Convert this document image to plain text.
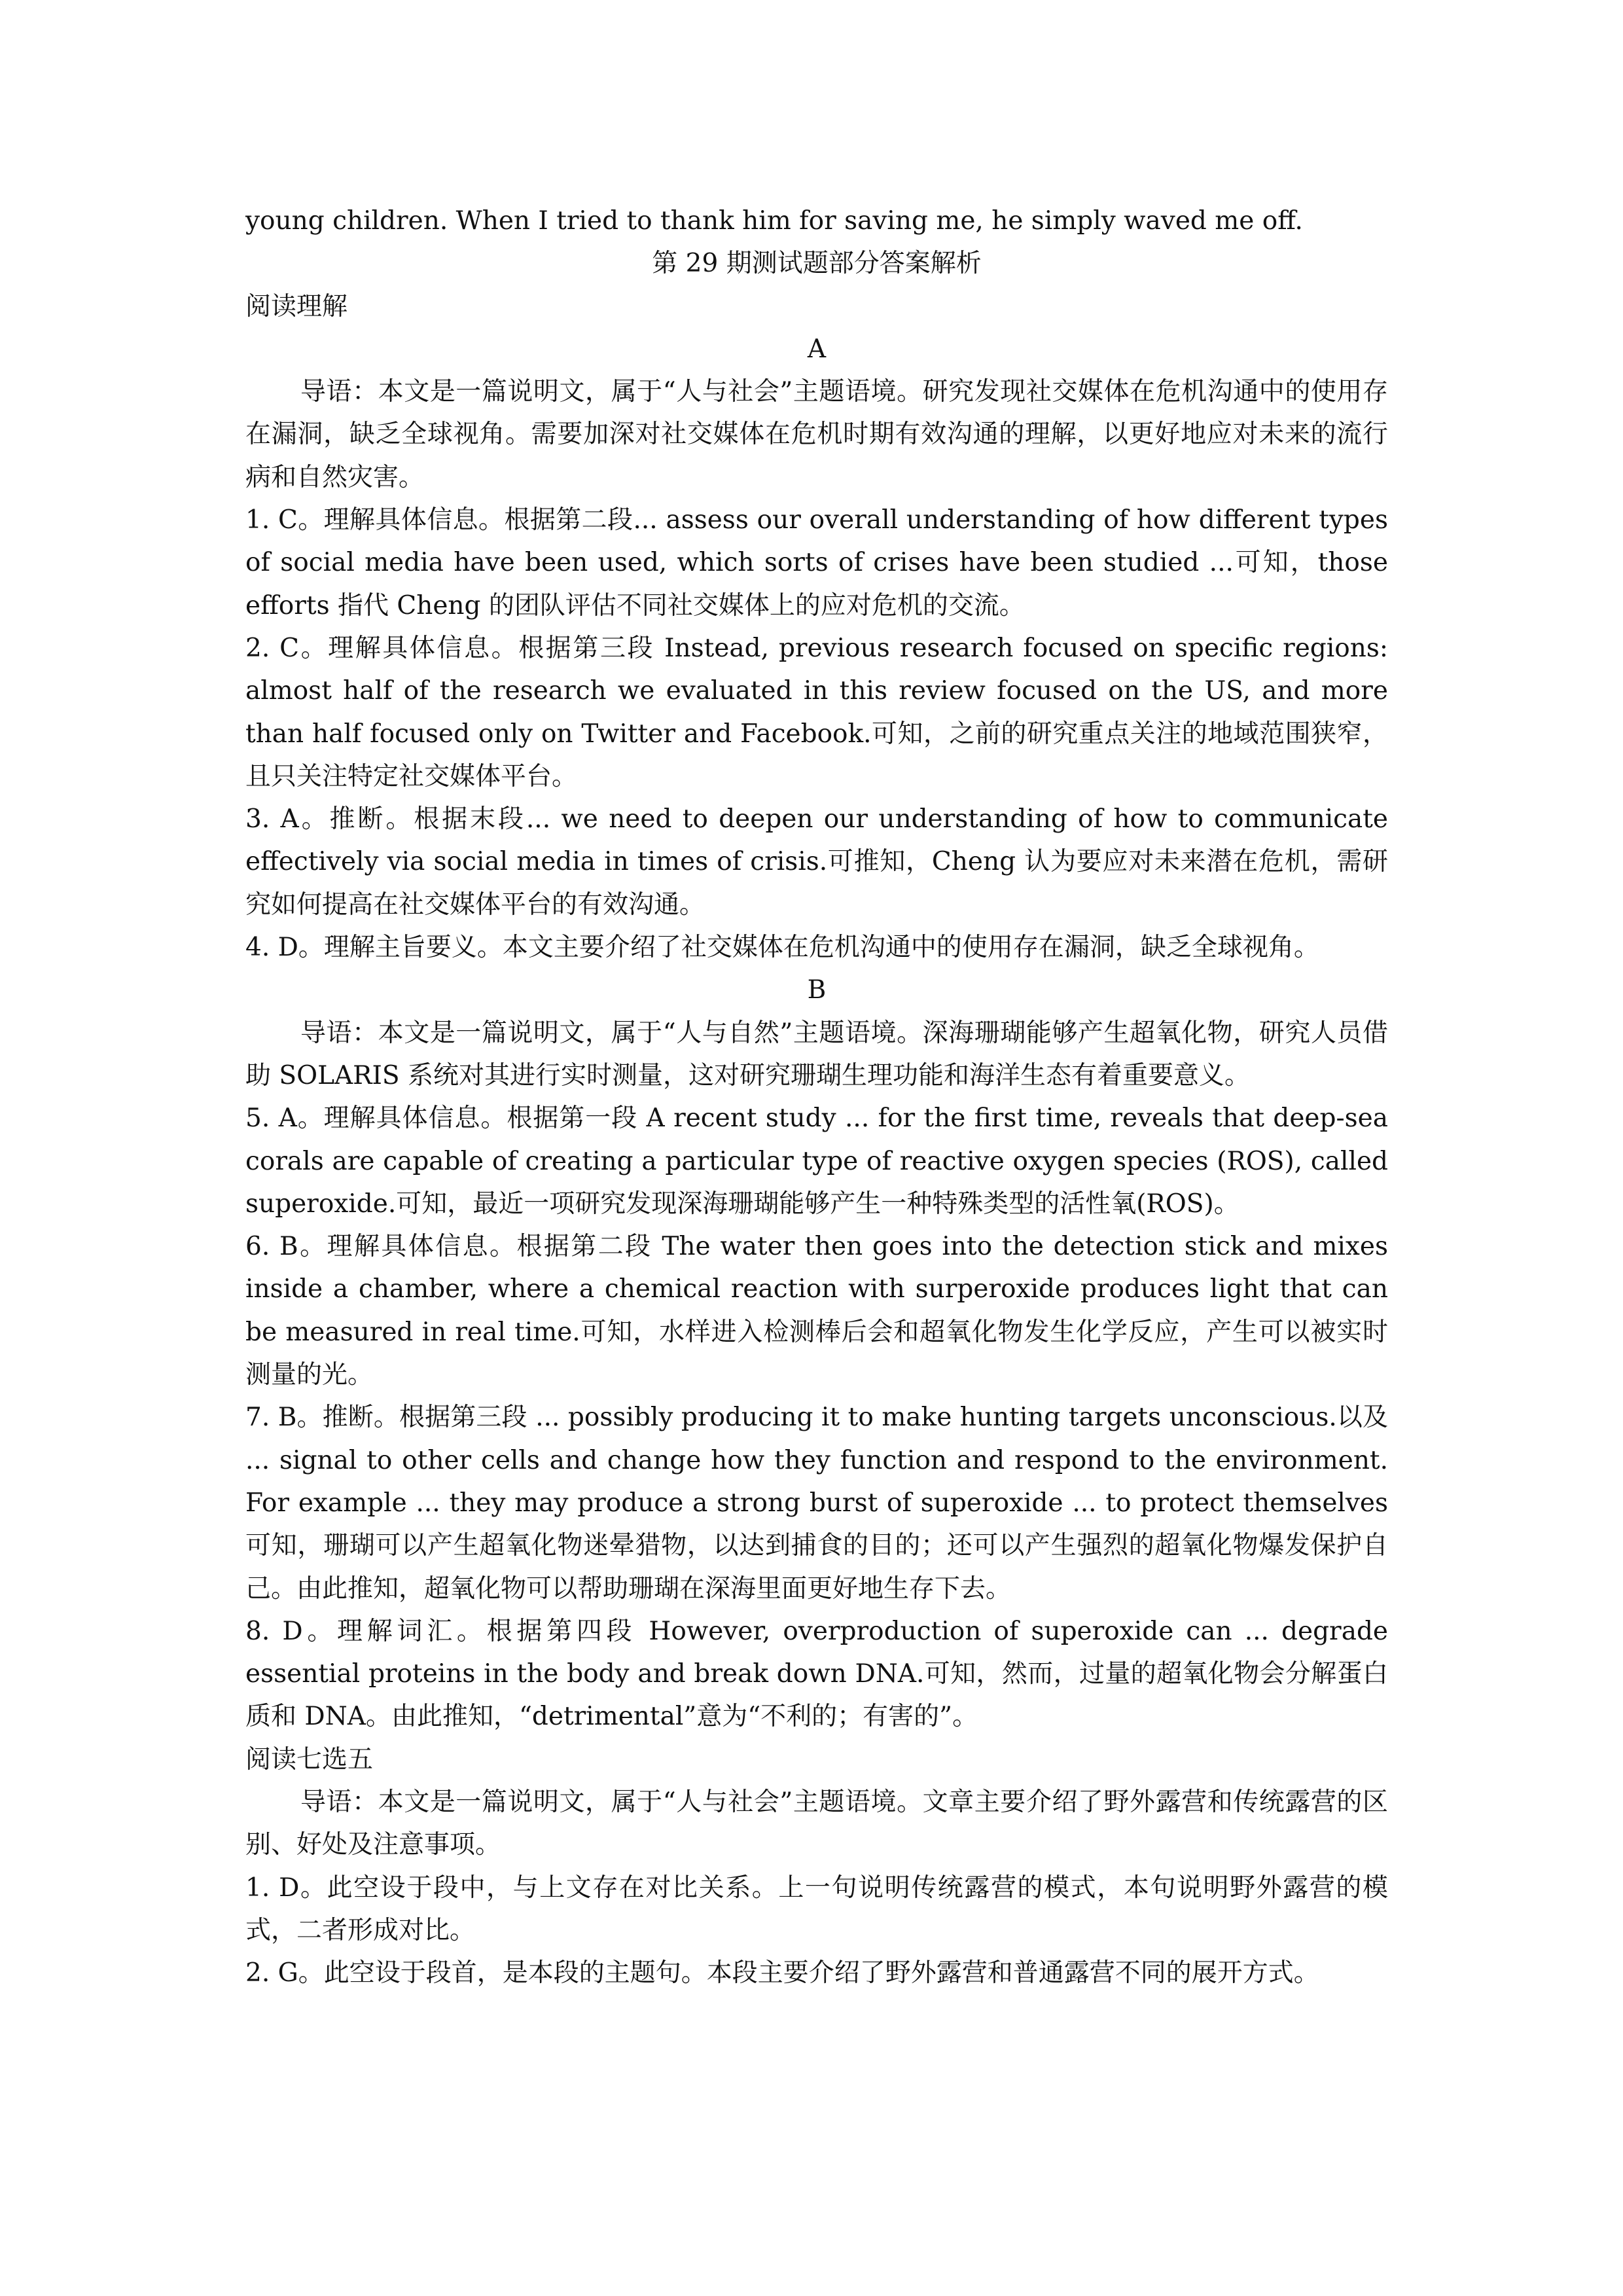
young children. When I tried to thank him for saving me, he simply waved me off.

第 29 期测试题部分答案解析

阅读理解

A

导语：本文是一篇说明文，属于“人与社会”主题语境。研究发现社交媒体在危机沟通中的使用存在漏洞，缺乏全球视角。需要加深对社交媒体在危机时期有效沟通的理解，以更好地应对未来的流行病和自然灾害。

1. C。理解具体信息。根据第二段... assess our overall understanding of how different types of social media have been used, which sorts of crises have been studied ...可知，those efforts 指代 Cheng 的团队评估不同社交媒体上的应对危机的交流。

2. C。理解具体信息。根据第三段 Instead, previous research focused on specific regions: almost half of the research we evaluated in this review focused on the US, and more than half focused only on Twitter and Facebook.可知，之前的研究重点关注的地域范围狭窄，且只关注特定社交媒体平台。

3. A。推断。根据末段... we need to deepen our understanding of how to communicate effectively via social media in times of crisis.可推知，Cheng 认为要应对未来潜在危机，需研究如何提高在社交媒体平台的有效沟通。

4. D。理解主旨要义。本文主要介绍了社交媒体在危机沟通中的使用存在漏洞，缺乏全球视角。

B

导语：本文是一篇说明文，属于“人与自然”主题语境。深海珊瑚能够产生超氧化物，研究人员借助 SOLARIS 系统对其进行实时测量，这对研究珊瑚生理功能和海洋生态有着重要意义。

5. A。理解具体信息。根据第一段 A recent study ... for the first time, reveals that deep-sea corals are capable of creating a particular type of reactive oxygen species (ROS), called superoxide.可知，最近一项研究发现深海珊瑚能够产生一种特殊类型的活性氧(ROS)。

6. B。理解具体信息。根据第二段 The water then goes into the detection stick and mixes inside a chamber, where a chemical reaction with surperoxide produces light that can be measured in real time.可知，水样进入检测棒后会和超氧化物发生化学反应，产生可以被实时测量的光。

7. B。推断。根据第三段 ... possibly producing it to make hunting targets unconscious.以及 ... signal to other cells and change how they function and respond to the environment. For example ... they may produce a strong burst of superoxide ... to protect themselves 可知，珊瑚可以产生超氧化物迷晕猎物，以达到捕食的目的；还可以产生强烈的超氧化物爆发保护自己。由此推知，超氧化物可以帮助珊瑚在深海里面更好地生存下去。

8. D。理解词汇。根据第四段 However, overproduction of superoxide can ... degrade essential proteins in the body and break down DNA.可知，然而，过量的超氧化物会分解蛋白质和 DNA。由此推知，“detrimental”意为“不利的；有害的”。

阅读七选五

导语：本文是一篇说明文，属于“人与社会”主题语境。文章主要介绍了野外露营和传统露营的区别、好处及注意事项。

1. D。此空设于段中，与上文存在对比关系。上一句说明传统露营的模式，本句说明野外露营的模式，二者形成对比。

2. G。此空设于段首，是本段的主题句。本段主要介绍了野外露营和普通露营不同的展开方式。
